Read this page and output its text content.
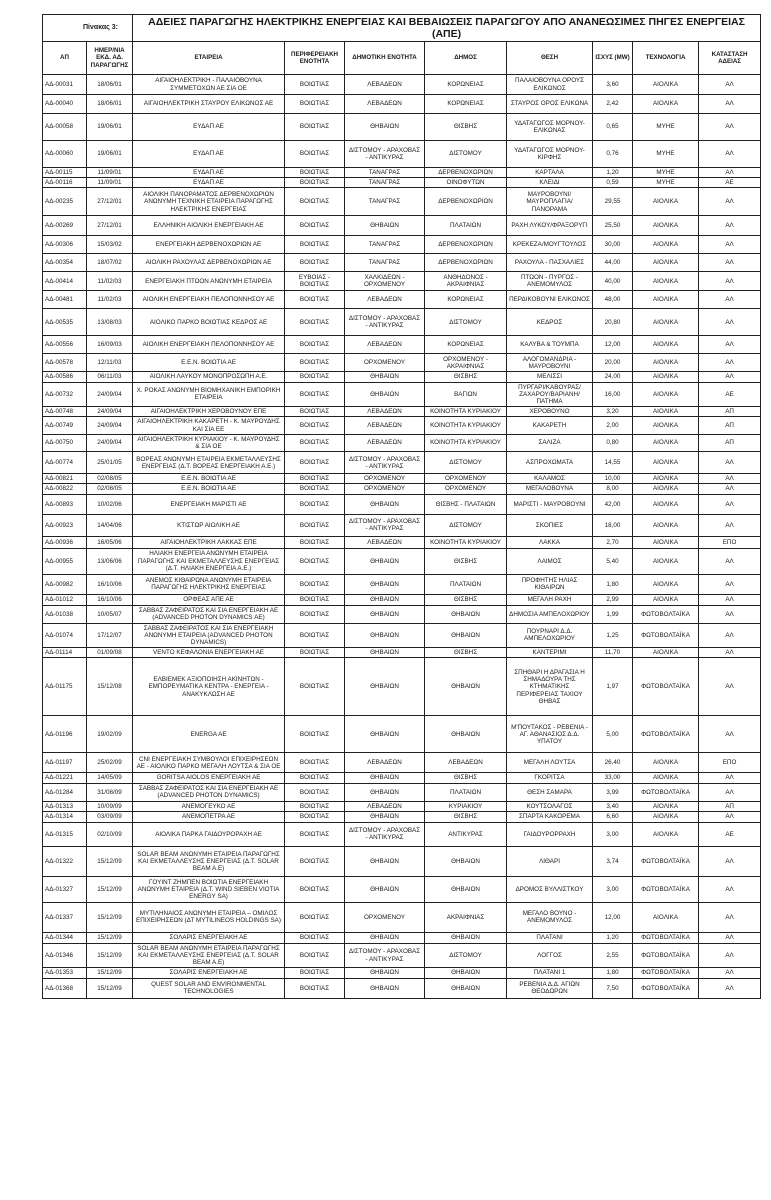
Πίνακας 3:		ΑΔΕΙΕΣ ΠΑΡΑΓΩΓΗΣ ΗΛΕΚΤΡΙΚΗΣ ΕΝΕΡΓΕΙΑΣ ΚΑΙ ΒΕΒΑΙΩΣΕΙΣ ΠΑΡΑΓΩΓΟΥ ΑΠΟ ΑΝΑΝΕΩΣΙΜΕΣ ΠΗΓΕΣ ΕΝΕΡΓΕΙΑΣ (ΑΠΕ)							
ΑΠ	ΗΜΕΡ/ΝΙΑ ΕΚΔ. ΑΔ. ΠΑΡΑΓΩΓΗΣ	ΕΤΑΙΡΕΙΑ	ΠΕΡΙΦΕΡΕΙΑΚΗ ΕΝΟΤΗΤΑ	ΔΗΜΟΤΙΚΗ ΕΝΟΤΗΤΑ	ΔΗΜΟΣ	ΘΕΣΗ	ΙΣΧΥΣ (MW)	ΤΕΧΝΟΛΟΓΙΑ	ΚΑΤΑΣΤΑΣΗ ΑΔΕΙΑΣ
ΑΔ-00031	18/06/01	ΑΙΓΑΙΟΗΛΕΚΤΡΙΚΗ - ΠΑΛΑΙΟΒΟΥΝΑ ΣΥΜΜΕΤΟΧΩΝ ΑΕ ΣΙΑ ΟΕ	ΒΟΙΩΤΙΑΣ	ΛΕΒΑΔΕΩΝ	ΚΟΡΩΝΕΙΑΣ	ΠΑΛΑΙΟΒΟΥΝΑ ΟΡΟΥΣ ΕΛΙΚΩΝΟΣ	3,60	ΑΙΟΛΙΚΑ	ΑΛ
ΑΔ-00040	18/06/01	ΑΙΓΑΙΟΗΛΕΚΤΡΙΚΗ ΣΤΑΥΡΟΥ ΕΛΙΚΩΝΟΣ ΑΕ	ΒΟΙΩΤΙΑΣ	ΛΕΒΑΔΕΩΝ	ΚΟΡΩΝΕΙΑΣ	ΣΤΑΥΡΟΣ ΟΡΟΣ ΕΛΙΚΩΝΑ	2,42	ΑΙΟΛΙΚΑ	ΑΛ
ΑΔ-00058	19/06/01	ΕΥΔΑΠ ΑΕ	ΒΟΙΩΤΙΑΣ	ΘΗΒΑΙΩΝ	ΘΙΣΒΗΣ	ΥΔΑΤΑΓΩΓΟΣ ΜΟΡΝΟΥ-ΕΛΙΚΩΝΑΣ	0,65	ΜΥΗΕ	ΑΛ
ΑΔ-00060	19/06/01	ΕΥΔΑΠ ΑΕ	ΒΟΙΩΤΙΑΣ	ΔΙΣΤΟΜΟΥ - ΑΡΑΧΟΒΑΣ - ΑΝΤΙΚΥΡΑΣ	ΔΙΣΤΟΜΟΥ	ΥΔΑΤΑΓΩΓΟΣ ΜΟΡΝΟΥ-ΚΙΡΦΗΣ	0,76	ΜΥΗΕ	ΑΛ
ΑΔ-00115	11/09/01	ΕΥΔΑΠ ΑΕ	ΒΟΙΩΤΙΑΣ	ΤΑΝΑΓΡΑΣ	ΔΕΡΒΕΝΟΧΩΡΙΩΝ	ΚΑΡΤΑΛΑ	1,20	ΜΥΗΕ	ΑΛ
ΑΔ-00116	11/09/01	ΕΥΔΑΠ ΑΕ	ΒΟΙΩΤΙΑΣ	ΤΑΝΑΓΡΑΣ	ΟΙΝΟΦΥΤΩΝ	ΚΛΕΙΔΙ	0,59	ΜΥΗΕ	ΑΕ
ΑΔ-00235	27/12/01	ΑΙΟΛΙΚΗ ΠΑΝΟΡΑΜΑΤΟΣ ΔΕΡΒΕΝΟΧΩΡΙΩΝ ΑΝΩΝΥΜΗ ΤΕΧΝΙΚΗ ΕΤΑΙΡΕΙΑ ΠΑΡΑΓΩΓΗΣ ΗΛΕΚΤΡΙΚΗΣ ΕΝΕΡΓΕΙΑΣ	ΒΟΙΩΤΙΑΣ	ΤΑΝΑΓΡΑΣ	ΔΕΡΒΕΝΟΧΩΡΙΩΝ	ΜΑΥΡΟΒΟΥΝΙ/ΜΑΥΡΟΠΛΑΓΙΑ/ΠΑΝΟΡΑΜΑ	29,55	ΑΙΟΛΙΚΑ	ΑΛ
ΑΔ-00269	27/12/01	ΕΛΛΗΝΙΚΗ ΑΙΟΛΙΚΗ ΕΝΕΡΓΕΙΑΚΗ ΑΕ	ΒΟΙΩΤΙΑΣ	ΘΗΒΑΙΩΝ	ΠΛΑΤΑΙΩΝ	ΡΑΧΗ ΛΥΚΟΥ/ΦΡΑΞΟΡΥΓΙ	25,50	ΑΙΟΛΙΚΑ	ΑΛ
ΑΔ-00306	15/03/02	ΕΝΕΡΓΕΙΑΚΗ ΔΕΡΒΕΝΟΧΩΡΙΩΝ ΑΕ	ΒΟΙΩΤΙΑΣ	ΤΑΝΑΓΡΑΣ	ΔΕΡΒΕΝΟΧΩΡΙΩΝ	ΚΡΕΚΕΖΑ/ΜΟΥΓΤΟΥΛΟΣ	30,00	ΑΙΟΛΙΚΑ	ΑΛ
ΑΔ-00354	18/07/02	ΑΙΟΛΙΚΗ ΡΑΧΟΥΛΑΣ ΔΕΡΒΕΝΟΧΩΡΙΩΝ ΑΕ	ΒΟΙΩΤΙΑΣ	ΤΑΝΑΓΡΑΣ	ΔΕΡΒΕΝΟΧΩΡΙΩΝ	ΡΑΧΟΥΛΑ - ΠΑΣΧΑΛΙΕΣ	44,00	ΑΙΟΛΙΚΑ	ΑΛ
ΑΔ-00414	11/02/03	ΕΝΕΡΓΕΙΑΚΗ ΠΤΩΟΝ ΑΝΩΝΥΜΗ ΕΤΑΙΡΕΙΑ	ΕΥΒΟΙΑΣ - ΒΟΙΩΤΙΑΣ	ΧΑΛΚΙΔΕΩΝ - ΟΡΧΟΜΕΝΟΥ	ΑΝΘΗΔΟΝΟΣ - ΑΚΡΑΙΦΝΙΑΣ	ΠΤΩΟΝ - ΠΥΡΓΟΣ - ΑΝΕΜΟΜΥΛΟΣ	40,00	ΑΙΟΛΙΚΑ	ΑΛ
ΑΔ-00481	11/02/03	ΑΙΟΛΙΚΗ ΕΝΕΡΓΕΙΑΚΗ ΠΕΛΟΠΟΝΝΗΣΟΥ ΑΕ	ΒΟΙΩΤΙΑΣ	ΛΕΒΑΔΕΩΝ	ΚΟΡΩΝΕΙΑΣ	ΠΕΡΔΙΚΟΒΟΥΝΙ ΕΛΙΚΩΝΟΣ	48,00	ΑΙΟΛΙΚΑ	ΑΛ
ΑΔ-00535	13/08/03	ΑΙΟΛΙΚΟ ΠΑΡΚΟ ΒΟΙΩΤΙΑΣ ΚΕΔΡΟΣ ΑΕ	ΒΟΙΩΤΙΑΣ	ΔΙΣΤΟΜΟΥ - ΑΡΑΧΟΒΑΣ - ΑΝΤΙΚΥΡΑΣ	ΔΙΣΤΟΜΟΥ	ΚΕΔΡΟΣ	20,80	ΑΙΟΛΙΚΑ	ΑΛ
ΑΔ-00556	16/09/03	ΑΙΟΛΙΚΗ ΕΝΕΡΓΕΙΑΚΗ ΠΕΛΟΠΟΝΝΗΣΟΥ ΑΕ	ΒΟΙΩΤΙΑΣ	ΛΕΒΑΔΕΩΝ	ΚΟΡΩΝΕΙΑΣ	ΚΑΛΥΒΑ & ΤΟΥΜΠΑ	12,00	ΑΙΟΛΙΚΑ	ΑΛ
ΑΔ-00578	12/11/03	Ε.Ε.Ν. ΒΟΙΩΤΙΑ ΑΕ	ΒΟΙΩΤΙΑΣ	ΟΡΧΟΜΕΝΟΥ	ΟΡΧΟΜΕΝΟΥ - ΑΚΡΑΙΦΝΙΑΣ	ΑΛΟΓΟΜΑΝΔΡΙΑ - ΜΑΥΡΟΒΟΥΝΙ	20,00	ΑΙΟΛΙΚΑ	ΑΛ
ΑΔ-00586	06/11/03	ΑΙΟΛΙΚΗ ΛΑΥΚΟΥ ΜΟΝΟΠΡΟΣΩΠΗ Α.Ε.	ΒΟΙΩΤΙΑΣ	ΘΗΒΑΙΩΝ	ΘΙΣΒΗΣ	ΜΕΛΙΣΣΙ	24,00	ΑΙΟΛΙΚΑ	ΑΛ
ΑΔ-00732	24/09/04	Χ. ΡΟΚΑΣ ΑΝΩΝΥΜΗ ΒΙΟΜΗΧΑΝΙΚΗ ΕΜΠΟΡΙΚΗ ΕΤΑΙΡΕΙΑ	ΒΟΙΩΤΙΑΣ	ΘΗΒΑΙΩΝ	ΒΑΓΙΩΝ	ΠΥΡΓΑΡΙ/ΚΑΒΟΥΡΑΣ/ΖΑΧΑΡΟΥ/ΒΑΡΙΑΝΗ/ΠΑΤΗΜΑ	16,00	ΑΙΟΛΙΚΑ	ΑΕ
ΑΔ-00748	24/09/04	ΑΙΓΑΙΟΗΛΕΚΤΡΙΚΗ ΧΕΡΟΒΟΥΝΟΥ ΕΠΕ	ΒΟΙΩΤΙΑΣ	ΛΕΒΑΔΕΩΝ	ΚΟΙΝΟΤΗΤΑ ΚΥΡΙΑΚΙΟΥ	ΧΕΡΟΒΟΥΝΟ	3,20	ΑΙΟΛΙΚΑ	ΑΠ
ΑΔ-00749	24/09/04	ΑΙΓΑΙΟΗΛΕΚΤΡΙΚΗ ΚΑΚΑΡΕΤΗ - Κ. ΜΑΥΡΟΥΔΗΣ ΚΑΙ ΣΙΑ ΕΕ	ΒΟΙΩΤΙΑΣ	ΛΕΒΑΔΕΩΝ	ΚΟΙΝΟΤΗΤΑ ΚΥΡΙΑΚΙΟΥ	ΚΑΚΑΡΕΤΗ	2,00	ΑΙΟΛΙΚΑ	ΑΠ
ΑΔ-00750	24/09/04	ΑΙΓΑΙΟΗΛΕΚΤΡΙΚΗ ΚΥΡΙΑΚΙΟΥ - Κ. ΜΑΥΡΟΥΔΗΣ & ΣΙΑ ΟΕ	ΒΟΙΩΤΙΑΣ	ΛΕΒΑΔΕΩΝ	ΚΟΙΝΟΤΗΤΑ ΚΥΡΙΑΚΙΟΥ	ΣΑΛΙΖΑ	0,80	ΑΙΟΛΙΚΑ	ΑΠ
ΑΔ-00774	25/01/05	ΒΟΡΕΑΣ ΑΝΩΝΥΜΗ ΕΤΑΙΡΕΙΑ ΕΚΜΕΤΑΛΛΕΥΣΗΣ ΕΝΕΡΓΕΙΑΣ (Δ.Τ. ΒΟΡΕΑΣ ΕΝΕΡΓΕΙΑΚΗ Α.Ε.)	ΒΟΙΩΤΙΑΣ	ΔΙΣΤΟΜΟΥ - ΑΡΑΧΟΒΑΣ - ΑΝΤΙΚΥΡΑΣ	ΔΙΣΤΟΜΟΥ	ΑΣΠΡΟΧΩΜΑΤΑ	14,55	ΑΙΟΛΙΚΑ	ΑΛ
ΑΔ-00821	02/08/05	Ε.Ε.Ν. ΒΟΙΩΤΙΑ ΑΕ	ΒΟΙΩΤΙΑΣ	ΟΡΧΟΜΕΝΟΥ	ΟΡΧΟΜΕΝΟΥ	ΚΑΛΑΜΟΣ	10,00	ΑΙΟΛΙΚΑ	ΑΛ
ΑΔ-00822	02/08/05	Ε.Ε.Ν. ΒΟΙΩΤΙΑ ΑΕ	ΒΟΙΩΤΙΑΣ	ΟΡΧΟΜΕΝΟΥ	ΟΡΧΟΜΕΝΟΥ	ΜΕΓΑΛΟΒΟΥΝΑ	8,00	ΑΙΟΛΙΚΑ	ΑΛ
ΑΔ-00893	10/02/06	ΕΝΕΡΓΕΙΑΚΗ ΜΑΡΙΣΤΙ ΑΕ	ΒΟΙΩΤΙΑΣ	ΘΗΒΑΙΩΝ	ΘΙΣΒΗΣ - ΠΛΑΤΑΙΩΝ	ΜΑΡΙΣΤΙ - ΜΑΥΡΟΒΟΥΝΙ	42,00	ΑΙΟΛΙΚΑ	ΑΛ
ΑΔ-00923	14/04/06	ΚΤΙΣΤΩΡ ΑΙΟΛΙΚΗ ΑΕ	ΒΟΙΩΤΙΑΣ	ΔΙΣΤΟΜΟΥ - ΑΡΑΧΟΒΑΣ - ΑΝΤΙΚΥΡΑΣ	ΔΙΣΤΟΜΟΥ	ΣΚΟΠΙΕΣ	18,00	ΑΙΟΛΙΚΑ	ΑΛ
ΑΔ-00936	16/05/06	ΑΙΓΑΙΟΗΛΕΚΤΡΙΚΗ ΛΑΚΚΑΣ ΕΠΕ	ΒΟΙΩΤΙΑΣ	ΛΕΒΑΔΕΩΝ	ΚΟΙΝΟΤΗΤΑ ΚΥΡΙΑΚΙΟΥ	ΛΑΚΚΑ	2,70	ΑΙΟΛΙΚΑ	ΕΠΟ
ΑΔ-00955	13/06/06	ΗΛΙΑΚΗ ΕΝΕΡΓΕΙΑ ΑΝΩΝΥΜΗ ΕΤΑΙΡΕΙΑ ΠΑΡΑΓΩΓΗΣ ΚΑΙ ΕΚΜΕΤΑΛΛΕΥΣΗΣ ΕΝΕΡΓΕΙΑΣ (Δ.Τ. ΗΛΙΑΚΗ ΕΝΕΡΓΕΙΑ Α.Ε.)	ΒΟΙΩΤΙΑΣ	ΘΗΒΑΙΩΝ	ΘΙΣΒΗΣ	ΛΑΙΜΟΣ	5,40	ΑΙΟΛΙΚΑ	ΑΛ
ΑΔ-00982	16/10/06	ΑΝΕΜΟΣ ΚΙΘΑΙΡΩΝΑ ΑΝΩΝΥΜΗ ΕΤΑΙΡΕΙΑ ΠΑΡΑΓΩΓΗΣ ΗΛΕΚΤΡΙΚΗΣ ΕΝΕΡΓΕΙΑΣ	ΒΟΙΩΤΙΑΣ	ΘΗΒΑΙΩΝ	ΠΛΑΤΑΙΩΝ	ΠΡΟΦΗΤΗΣ ΗΛΙΑΣ ΚΙΘΑΙΡΩΝ	1,80	ΑΙΟΛΙΚΑ	ΑΛ
ΑΔ-01012	16/10/06	ΟΡΦΕΑΣ ΑΠΕ ΑΕ	ΒΟΙΩΤΙΑΣ	ΘΗΒΑΙΩΝ	ΘΙΣΒΗΣ	ΜΕΓΑΛΗ ΡΑΧΗ	2,99	ΑΙΟΛΙΚΑ	ΑΛ
ΑΔ-01038	10/05/07	ΣΑΒΒΑΣ ΖΑΦΕΙΡΑΤΟΣ ΚΑΙ ΣΙΑ ΕΝΕΡΓΕΙΑΚΗ ΑΕ (ADVANCED PHOTON DYNAMICS ΑΕ)	ΒΟΙΩΤΙΑΣ	ΘΗΒΑΙΩΝ	ΘΗΒΑΙΩΝ	ΔΗΜΟΣΙΑ ΑΜΠΕΛΟΧΩΡΙΟΥ	1,99	ΦΩΤΟΒΟΛΤΑΪΚΑ	ΑΛ
ΑΔ-01074	17/12/07	ΣΑΒΒΑΣ ΖΑΦΕΙΡΑΤΟΣ ΚΑΙ ΣΙΑ ΕΝΕΡΓΕΙΑΚΗ ΑΝΩΝΥΜΗ ΕΤΑΙΡΕΙΑ (ADVANCED PHOTON DYNAMICS)	ΒΟΙΩΤΙΑΣ	ΘΗΒΑΙΩΝ	ΘΗΒΑΙΩΝ	ΠΟΥΡΝΑΡΙ Δ.Δ. ΑΜΠΕΛΟΧΩΡΙΟΥ	1,25	ΦΩΤΟΒΟΛΤΑΪΚΑ	ΑΛ
ΑΔ-01114	01/09/08	VENTO ΚΕΦΑΛΟΝΙΑ ΕΝΕΡΓΕΙΑΚΗ ΑΕ	ΒΟΙΩΤΙΑΣ	ΘΗΒΑΙΩΝ	ΘΙΣΒΗΣ	ΚΑΝΤΕΡΙΜΙ	11,70	ΑΙΟΛΙΚΑ	ΑΛ
ΑΔ-01175	15/12/08	ΕΛΒΙΕΜΕΚ ΑΞΙΟΠΟΙΗΣΗ ΑΚΙΝΗΤΩΝ - ΕΜΠΟΡΕΥΜΑΤΙΚΑ ΚΕΝΤΡΑ - ΕΝΕΡΓΕΙΑ - ΑΝΑΚΥΚΛΩΣΗ ΑΕ	ΒΟΙΩΤΙΑΣ	ΘΗΒΑΙΩΝ	ΘΗΒΑΙΩΝ	ΣΠΗΘΑΡΙ Η ΔΡΑΓΑΣΙΑ Η ΣΗΜΑΔΟΥΡΑ ΤΗΣ ΚΤΗΜΑΤΙΚΗΣ ΠΕΡΙΦΕΡΕΙΑΣ ΤΑΧΙΟΥ ΘΗΒΑΣ	1,97	ΦΩΤΟΒΟΛΤΑΪΚΑ	ΑΛ
ΑΔ-01196	19/02/09	ENERGA AE	ΒΟΙΩΤΙΑΣ	ΘΗΒΑΙΩΝ	ΘΗΒΑΙΩΝ	Μ'ΠΟΥΤΑΚΟΣ - ΡΕΒΕΝΙΑ - ΑΓ. ΑΘΑΝΑΣΙΟΣ Δ.Δ. ΥΠΑΤΟΥ	5,00	ΦΩΤΟΒΟΛΤΑΪΚΑ	ΑΛ
ΑΔ-01197	25/02/09	CNI ΕΝΕΡΓΕΙΑΚΗ ΣΥΜΒΟΥΛΟΙ ΕΠΙΧΕΙΡΗΣΕΩΝ ΑΕ - ΑΙΟΛΙΚΟ ΠΑΡΚΟ ΜΕΓΑΛΗ ΛΟΥΤΣΑ & ΣΙΑ ΟΕ	ΒΟΙΩΤΙΑΣ	ΛΕΒΑΔΕΩΝ	ΛΕΒΑΔΕΩΝ	ΜΕΓΑΛΗ ΛΟΥΤΣΑ	26,40	ΑΙΟΛΙΚΑ	ΕΠΟ
ΑΔ-01221	14/05/09	GORITSA AIOLOS ΕΝΕΡΓΕΙΑΚΗ ΑΕ	ΒΟΙΩΤΙΑΣ	ΘΗΒΑΙΩΝ	ΘΙΣΒΗΣ	ΓΚΟΡΙΤΣΑ	33,00	ΑΙΟΛΙΚΑ	ΑΛ
ΑΔ-01284	31/08/09	ΣΑΒΒΑΣ ΖΑΦΕΙΡΑΤΟΣ ΚΑΙ ΣΙΑ ΕΝΕΡΓΕΙΑΚΗ ΑΕ (ADVANCED PHOTON DYNAMICS)	ΒΟΙΩΤΙΑΣ	ΘΗΒΑΙΩΝ	ΠΛΑΤΑΙΩΝ	ΘΕΣΗ ΣΑΜΑΡΑ	3,99	ΦΩΤΟΒΟΛΤΑΪΚΑ	ΑΛ
ΑΔ-01313	10/09/09	ΑΝΕΜΟΓΕΥΚΟ ΑΕ	ΒΟΙΩΤΙΑΣ	ΛΕΒΑΔΕΩΝ	ΚΥΡΙΑΚΙΟΥ	ΚΟΥΤΣΟΛΑΓΟΣ	3,40	ΑΙΟΛΙΚΑ	ΑΠ
ΑΔ-01314	03/09/09	ΑΝΕΜΟΠΕΤΡΑ ΑΕ	ΒΟΙΩΤΙΑΣ	ΘΗΒΑΙΩΝ	ΘΙΣΒΗΣ	ΣΠΑΡΤΑ ΚΑΚΟΡΕΜΑ	6,60	ΑΙΟΛΙΚΑ	ΑΛ
ΑΔ-01315	02/10/09	ΑΙΟΛΙΚΑ ΠΑΡΚΑ ΓΑΙΔΟΥΡΟΡΑΧΗ ΑΕ	ΒΟΙΩΤΙΑΣ	ΔΙΣΤΟΜΟΥ - ΑΡΑΧΟΒΑΣ - ΑΝΤΙΚΥΡΑΣ	ΑΝΤΙΚΥΡΑΣ	ΓΑΙΔΟΥΡΟΡΡΑΧΗ	3,00	ΑΙΟΛΙΚΑ	ΑΕ
ΑΔ-01322	15/12/09	SOLAR BEAM ΑΝΩΝΥΜΗ ΕΤΑΙΡΕΙΑ ΠΑΡΑΓΩΓΗΣ ΚΑΙ ΕΚΜΕΤΑΛΛΕΥΣΗΣ ΕΝΕΡΓΕΙΑΣ (Δ.Τ. SOLAR BEAM A.E)	ΒΟΙΩΤΙΑΣ	ΘΗΒΑΙΩΝ	ΘΗΒΑΙΩΝ	ΛΙΘΑΡΙ	3,74	ΦΩΤΟΒΟΛΤΑΪΚΑ	ΑΛ
ΑΔ-01327	15/12/09	ΓΟΥΙΝΤ ΖΗΜΠΕΝ ΒΟΙΩΤΙΑ ΕΝΕΡΓΕΙΑΚΗ ΑΝΩΝΥΜΗ ΕΤΑΙΡΕΙΑ (Δ.Τ. WIND SIEBEN VIOTIA ENERGY SA)	ΒΟΙΩΤΙΑΣ	ΘΗΒΑΙΩΝ	ΘΗΒΑΙΩΝ	ΔΡΟΜΟΣ ΒΥΛΛΙΣΤΚΟΥ	3,00	ΦΩΤΟΒΟΛΤΑΪΚΑ	ΑΛ
ΑΔ-01337	15/12/09	ΜΥΤΙΛΗΝΑΙΟΣ ΑΝΩΝΥΜΗ ΕΤΑΙΡΕΙΑ – ΟΜΙΛΟΣ ΕΠΙΧΕΙΡΗΣΕΩΝ (ΔΤ MYTILINEOS HOLDINGS SA)	ΒΟΙΩΤΙΑΣ	ΟΡΧΟΜΕΝΟΥ	ΑΚΡΑΙΦΝΙΑΣ	ΜΕΓΑΛΟ ΒΟΥΝΟ - ΑΝΕΜΟΜΥΛΟΣ	12,00	ΑΙΟΛΙΚΑ	ΑΛ
ΑΔ-01344	15/12/09	ΣΟΛΑΡΙΣ ΕΝΕΡΓΕΙΑΚΗ ΑΕ	ΒΟΙΩΤΙΑΣ	ΘΗΒΑΙΩΝ	ΘΗΒΑΙΩΝ	ΠΛΑΤΑΝΙ	1,20	ΦΩΤΟΒΟΛΤΑΪΚΑ	ΑΛ
ΑΔ-01346	15/12/09	SOLAR BEAM ΑΝΩΝΥΜΗ ΕΤΑΙΡΕΙΑ ΠΑΡΑΓΩΓΗΣ ΚΑΙ ΕΚΜΕΤΑΛΛΕΥΣΗΣ ΕΝΕΡΓΕΙΑΣ (Δ.Τ. SOLAR BEAM A.E)	ΒΟΙΩΤΙΑΣ	ΔΙΣΤΟΜΟΥ - ΑΡΑΧΟΒΑΣ - ΑΝΤΙΚΥΡΑΣ	ΔΙΣΤΟΜΟΥ	ΛΟΓΓΟΣ	2,55	ΦΩΤΟΒΟΛΤΑΪΚΑ	ΑΛ
ΑΔ-01353	15/12/09	ΣΟΛΑΡΙΣ ΕΝΕΡΓΕΙΑΚΗ ΑΕ	ΒΟΙΩΤΙΑΣ	ΘΗΒΑΙΩΝ	ΘΗΒΑΙΩΝ	ΠΛΑΤΑΝΙ 1	1,80	ΦΩΤΟΒΟΛΤΑΪΚΑ	ΑΛ
ΑΔ-01368	15/12/09	QUEST SOLAR AND ENVIRONMENTAL TECHNOLOGIES	ΒΟΙΩΤΙΑΣ	ΘΗΒΑΙΩΝ	ΘΗΒΑΙΩΝ	ΡΕΒΕΝΙΑ Δ.Δ. ΑΓΙΩΝ ΘΕΟΔΩΡΩΝ	7,50	ΦΩΤΟΒΟΛΤΑΪΚΑ	ΑΛ
